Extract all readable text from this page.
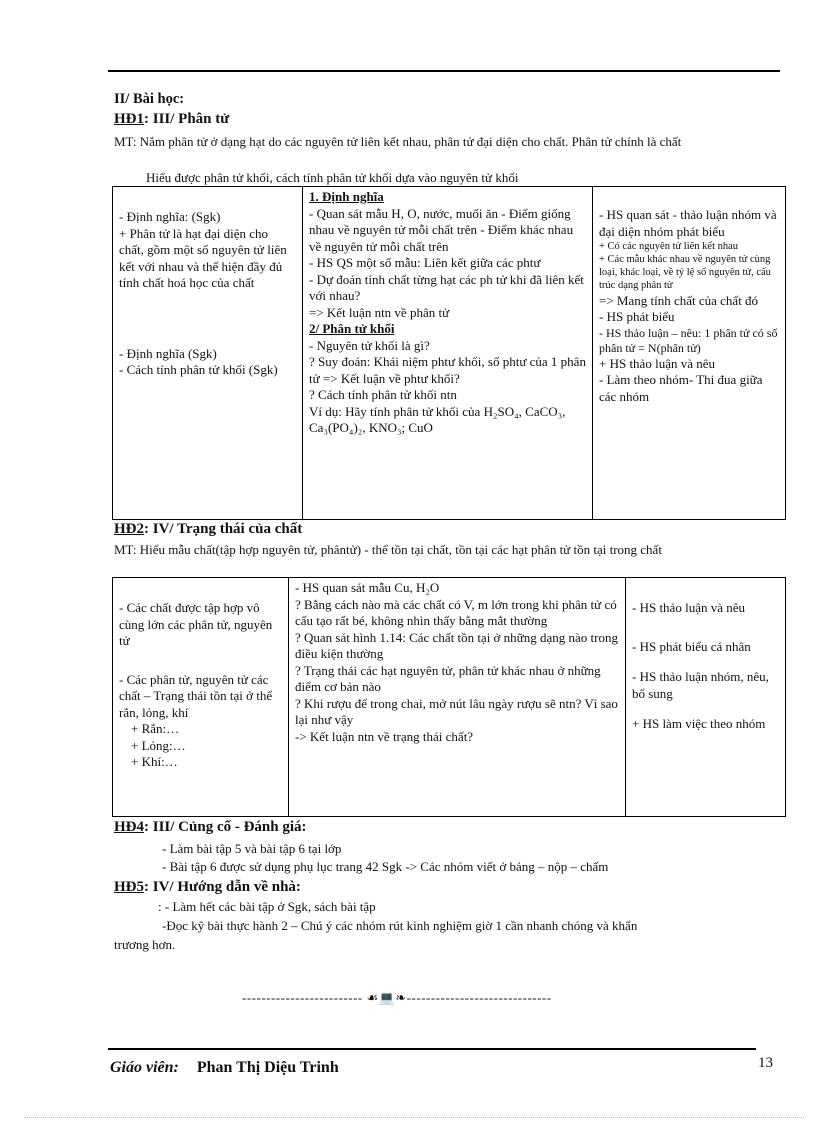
II/ Bài học:
HĐ1: III/ Phân tử
MT: Nắm phân tử ở dạng hạt do các nguyên tử liên kết nhau, phân tử đại diện cho chất. Phân tử chính là chất
Hiểu được phân tử khối, cách tính phân tử khối dựa vào nguyên tử khối
- Định nghĩa: (Sgk)
+ Phân tử là hạt đại diện cho chất, gồm một số nguyên tử liên kết với nhau và thể hiện đầy đủ tính chất hoá học của chất
- Định nghĩa (Sgk)
- Cách tính phân tử khối (Sgk)

1. Định nghĩa
- Quan sát mẫu H, O, nước, muối ăn - Điểm giống nhau về nguyên tử mỗi chất trên - Điểm khác nhau về nguyên tử mỗi chất trên
- HS QS một số mẫu: Liên kết giữa các phtư
- Dự đoán tính chất từng hạt các ph tử khi đã liên kết với nhau?
=> Kết luận ntn về phân tử
2/ Phân tử khối
- Nguyên tử khối là gì?
? Suy đoán: Khái niệm phtư khối, số phtư của 1 phân tử => Kết luận về phtư khối?
? Cách tính phân tử khối ntn
Ví dụ: Hãy tính phân tử khối của H₂SO₄, CaCO₃, Ca₃(PO₄)₂, KNO₃; CuO

- HS quan sát - thảo luận nhóm và đại diện nhóm phát biểu
+ Có các nguyên tử liên kết nhau
+ Các mẫu khác nhau về nguyên tử cùng loại, khác loại, về tỷ lệ số nguyên tử, cấu trúc dạng phân tử
=> Mang tính chất của chất đó
- HS phát biểu
- HS thảo luận – nêu: 1 phân tử có số phân tử = N(phân tử)
+ HS thảo luận và nêu
- Làm theo nhóm- Thi đua giữa các nhóm
HĐ2: IV/ Trạng thái của chất
MT: Hiểu mẫu chất(tập hợp nguyên tử, phântử) - thể tồn tại chất, tồn tại các hạt phân tử tồn tại trong chất
- Các chất được tập hợp vô cùng lớn các phân tử, nguyên tử
- Các phân tử, nguyên tử các chất – Trạng thái tồn tại ở thể rắn, lỏng, khí
+ Rắn:…
+ Lỏng:…
+ Khí:…

- HS quan sát mẫu Cu, H₂O
? Bằng cách nào mà các chất có V, m lớn trong khi phân tử có cấu tạo rất bé, không nhìn thấy bằng mắt thường
? Quan sát hình 1.14: Các chất tồn tại ở những dạng nào trong điều kiện thường
? Trạng thái các hạt nguyên tử, phân tử khác nhau ở những điểm cơ bản nào
? Khi rượu để trong chai, mở nút lâu ngày rượu sẽ ntn? Vì sao lại như vậy
-> Kết luận ntn về trạng thái chất?

- HS thảo luận và nêu
- HS phát biểu cá nhân
- HS thảo luận nhóm, nêu, bổ sung
+ HS làm việc theo nhóm
HĐ4: III/ Củng cố - Đánh giá:
- Làm bài tập 5 và bài tập 6 tại lớp
- Bài tập 6 được sử dụng phụ lục trang 42 Sgk -> Các nhóm viết ở bảng – nộp – chấm
HĐ5: IV/ Hướng dẫn về nhà:
: - Làm hết các bài tập ở Sgk, sách bài tập
-Đọc kỹ bài thực hành 2 – Chú ý các nhóm rút kinh nghiệm giờ 1 cần nhanh chóng và khẩn
trương hơn.
------------------------- ☙💻❧------------------------------
Giáo viên: Phan Thị Diệu Trinh	13
